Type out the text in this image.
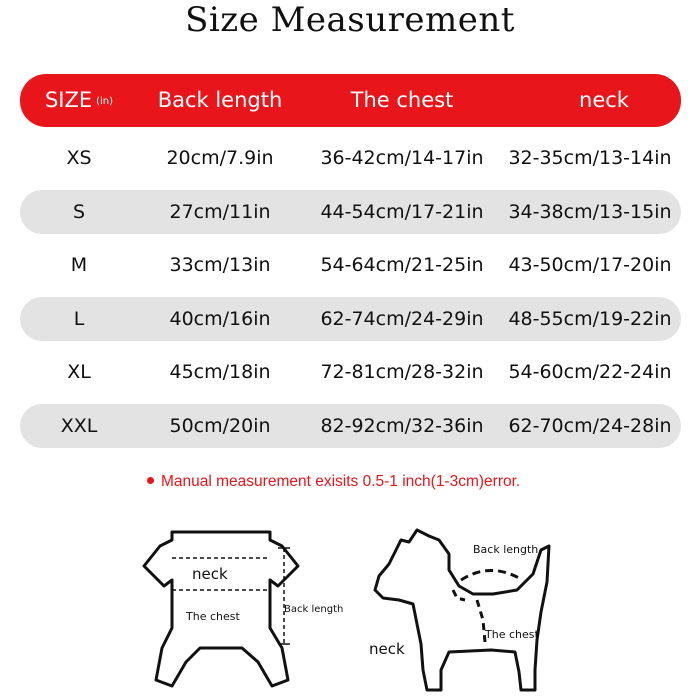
Size Measurement
SIZE (in)	Back length	The chest	neck
XS	20cm/7.9in	36-42cm/14-17in	32-35cm/13-14in
S	27cm/11in	44-54cm/17-21in	34-38cm/13-15in
M	33cm/13in	54-64cm/21-25in	43-50cm/17-20in
L	40cm/16in	62-74cm/24-29in	48-55cm/19-22in
XL	45cm/18in	72-81cm/28-32in	54-60cm/22-24in
XXL	50cm/20in	82-92cm/32-36in	62-70cm/24-28in
Manual measurement exisits 0.5-1 inch(1-3cm)error.
neck
The chest
Back length
Back length
The chest
neck
